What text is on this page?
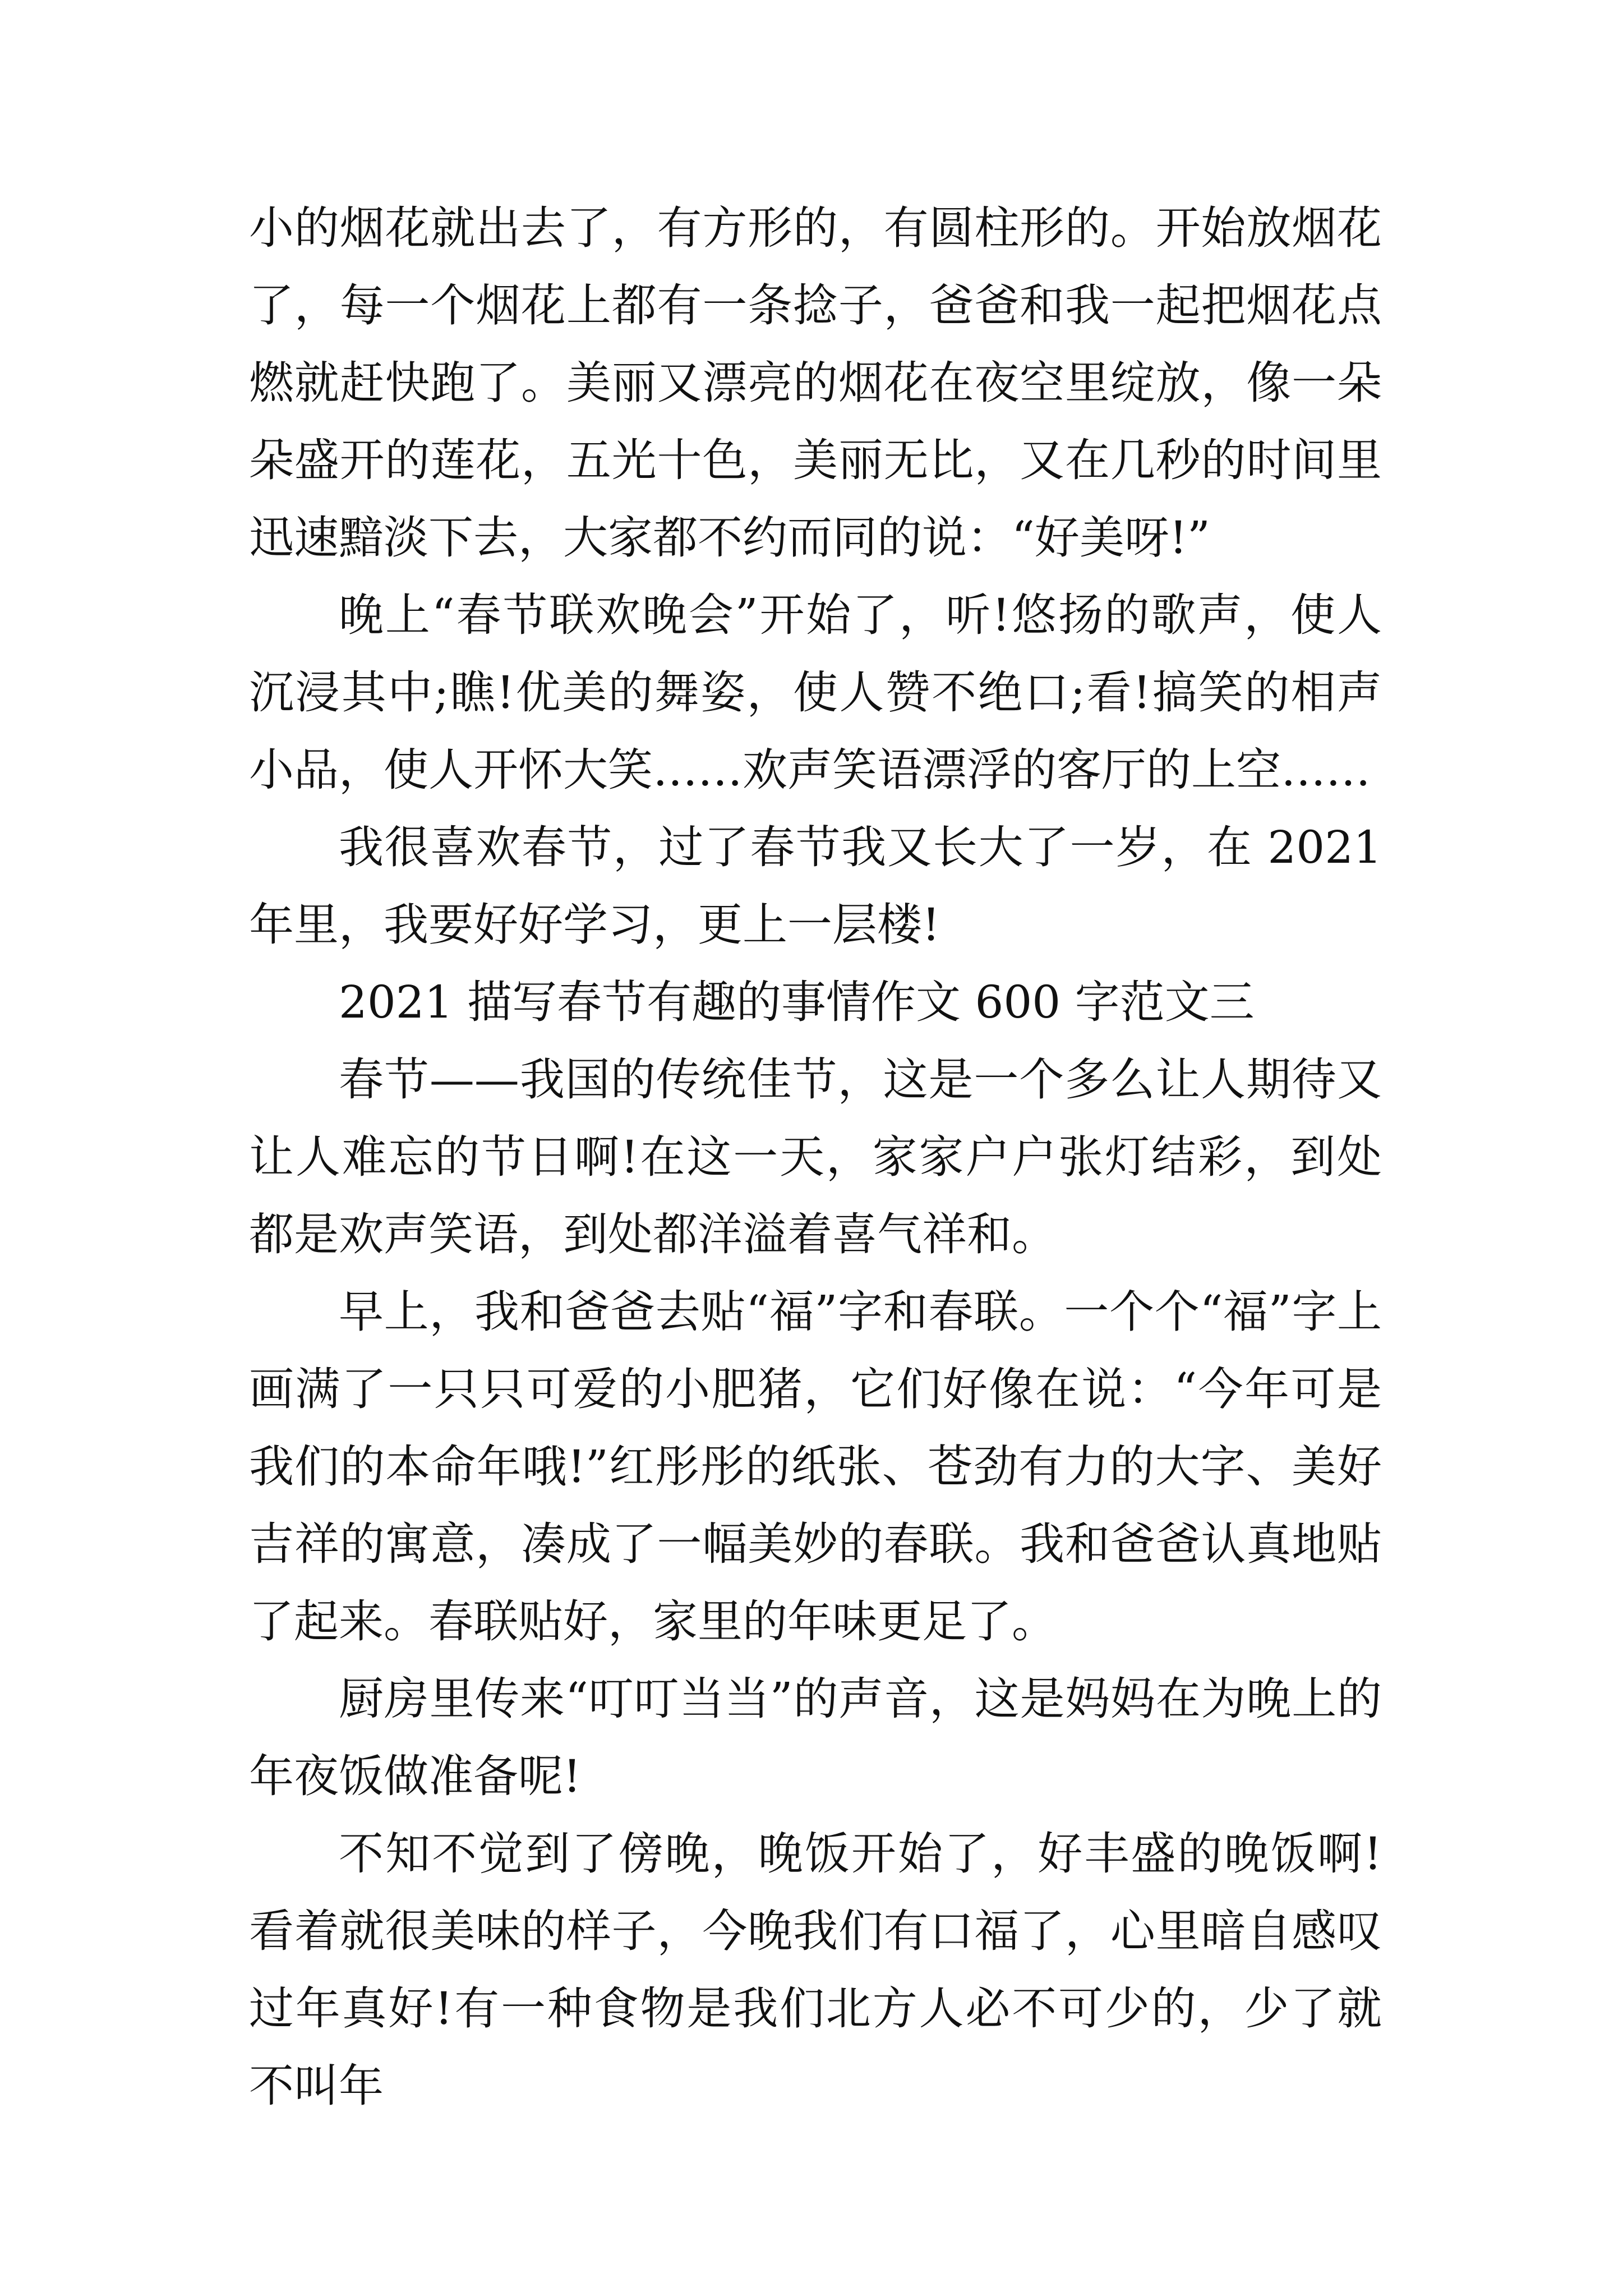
小的烟花就出去了，有方形的，有圆柱形的。开始放烟花了，每一个烟花上都有一条捻子，爸爸和我一起把烟花点燃就赶快跑了。美丽又漂亮的烟花在夜空里绽放，像一朵朵盛开的莲花，五光十色，美丽无比，又在几秒的时间里迅速黯淡下去，大家都不约而同的说：“好美呀!”

晚上“春节联欢晚会”开始了，听!悠扬的歌声，使人沉浸其中;瞧!优美的舞姿，使人赞不绝口;看!搞笑的相声小品，使人开怀大笑……欢声笑语漂浮的客厅的上空……

我很喜欢春节，过了春节我又长大了一岁，在 2021 年里，我要好好学习，更上一层楼!

2021 描写春节有趣的事情作文 600 字范文三

春节——我国的传统佳节，这是一个多么让人期待又让人难忘的节日啊!在这一天，家家户户张灯结彩，到处都是欢声笑语，到处都洋溢着喜气祥和。

早上，我和爸爸去贴“福”字和春联。一个个“福”字上画满了一只只可爱的小肥猪，它们好像在说：“今年可是我们的本命年哦!”红彤彤的纸张、苍劲有力的大字、美好吉祥的寓意，凑成了一幅美妙的春联。我和爸爸认真地贴了起来。春联贴好，家里的年味更足了。

厨房里传来“叮叮当当”的声音，这是妈妈在为晚上的年夜饭做准备呢!

不知不觉到了傍晚，晚饭开始了，好丰盛的晚饭啊!看着就很美味的样子，今晚我们有口福了，心里暗自感叹过年真好!有一种食物是我们北方人必不可少的，少了就不叫年
